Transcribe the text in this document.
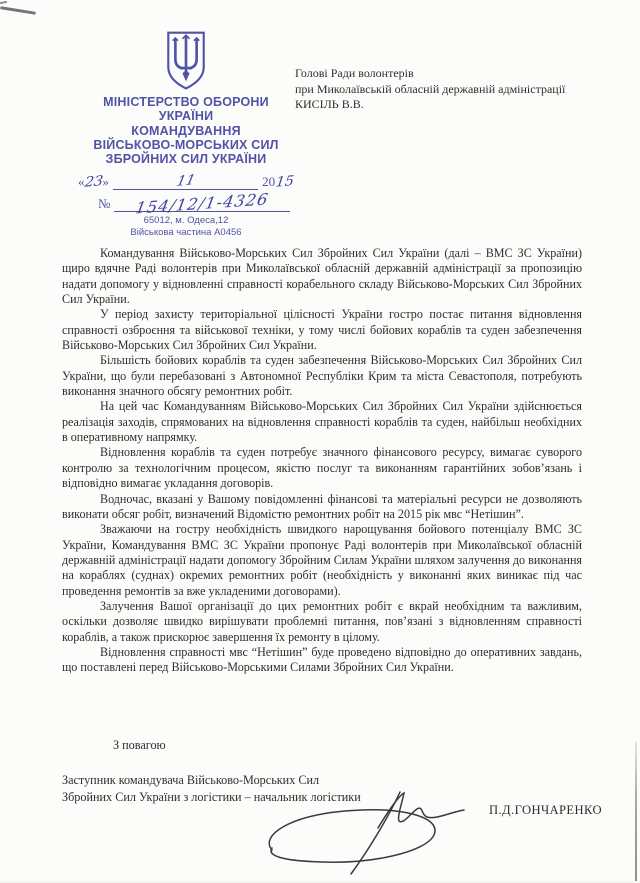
МІНІСТЕРСТВО ОБОРОНИ
УКРАЇНИ
КОМАНДУВАННЯ
ВІЙСЬКОВО-МОРСЬКИХ СИЛ
ЗБРОЙНИХ СИЛ УКРАЇНИ
«
23
»	11	20 15
№	154/12/1-4326
65012, м. Одеса,12
Військова частина А0456
Голові Ради волонтерів
при Миколаївській обласній державній адміністрації
КИСІЛЬ В.В.

Командування Військово-Морських Сил Збройних Сил України (далі – ВМС ЗС України) щиро вдячне Раді волонтерів при Миколаївської обласній державній адміністрації за пропозицію надати допомогу у відновленні справності корабельного складу Військово-Морських Сил Збройних Сил України.

У період захисту територіальної цілісності України гостро постає питання відновлення справності озброєння та військової техніки, у тому числі бойових кораблів та суден забезпечення Військово-Морських Сил Збройних Сил України.

Більшість бойових кораблів та суден забезпечення Військово-Морських Сил Збройних Сил України, що були перебазовані з Автономної Республіки Крим та міста Севастополя, потребують виконання значного обсягу ремонтних робіт.

На цей час Командуванням Військово-Морських Сил Збройних Сил України здійснюється реалізація заходів, спрямованих на відновлення справності кораблів та суден, найбільш необхідних в оперативному напрямку.

Відновлення кораблів та суден потребує значного фінансового ресурсу, вимагає суворого контролю за технологічним процесом, якістю послуг та виконанням гарантійних зобов’язань і відповідно вимагає укладання договорів.

Водночас, вказані у Вашому повідомленні фінансові та матеріальні ресурси не дозволяють виконати обсяг робіт, визначений Відомістю ремонтних робіт на 2015 рік мвс “Нетішин”.

Зважаючи на гостру необхідність швидкого нарощування бойового потенціалу ВМС ЗС України, Командування ВМС ЗС України пропонує Раді волонтерів при Миколаївської обласній державній адміністрації надати допомогу Збройним Силам України шляхом залучення до виконання на кораблях (суднах) окремих ремонтних робіт (необхідність у виконанні яких виникає під час проведення ремонтів за вже укладеними договорами).

Залучення Вашої організації до цих ремонтних робіт є вкрай необхідним та важливим, оскільки дозволяє швидко вирішувати проблемні питання, пов’язані з відновленням справності кораблів, а також прискорює завершення їх ремонту в цілому.

Відновлення справності мвс “Нетішин” буде проведено відповідно до оперативних завдань, що поставлені перед Військово-Морськими Силами Збройних Сил України.

З повагою
Заступник командувача Військово-Морських Сил
Збройних Сил України з логістики – начальник логістики
П.Д.ГОНЧАРЕНКО
